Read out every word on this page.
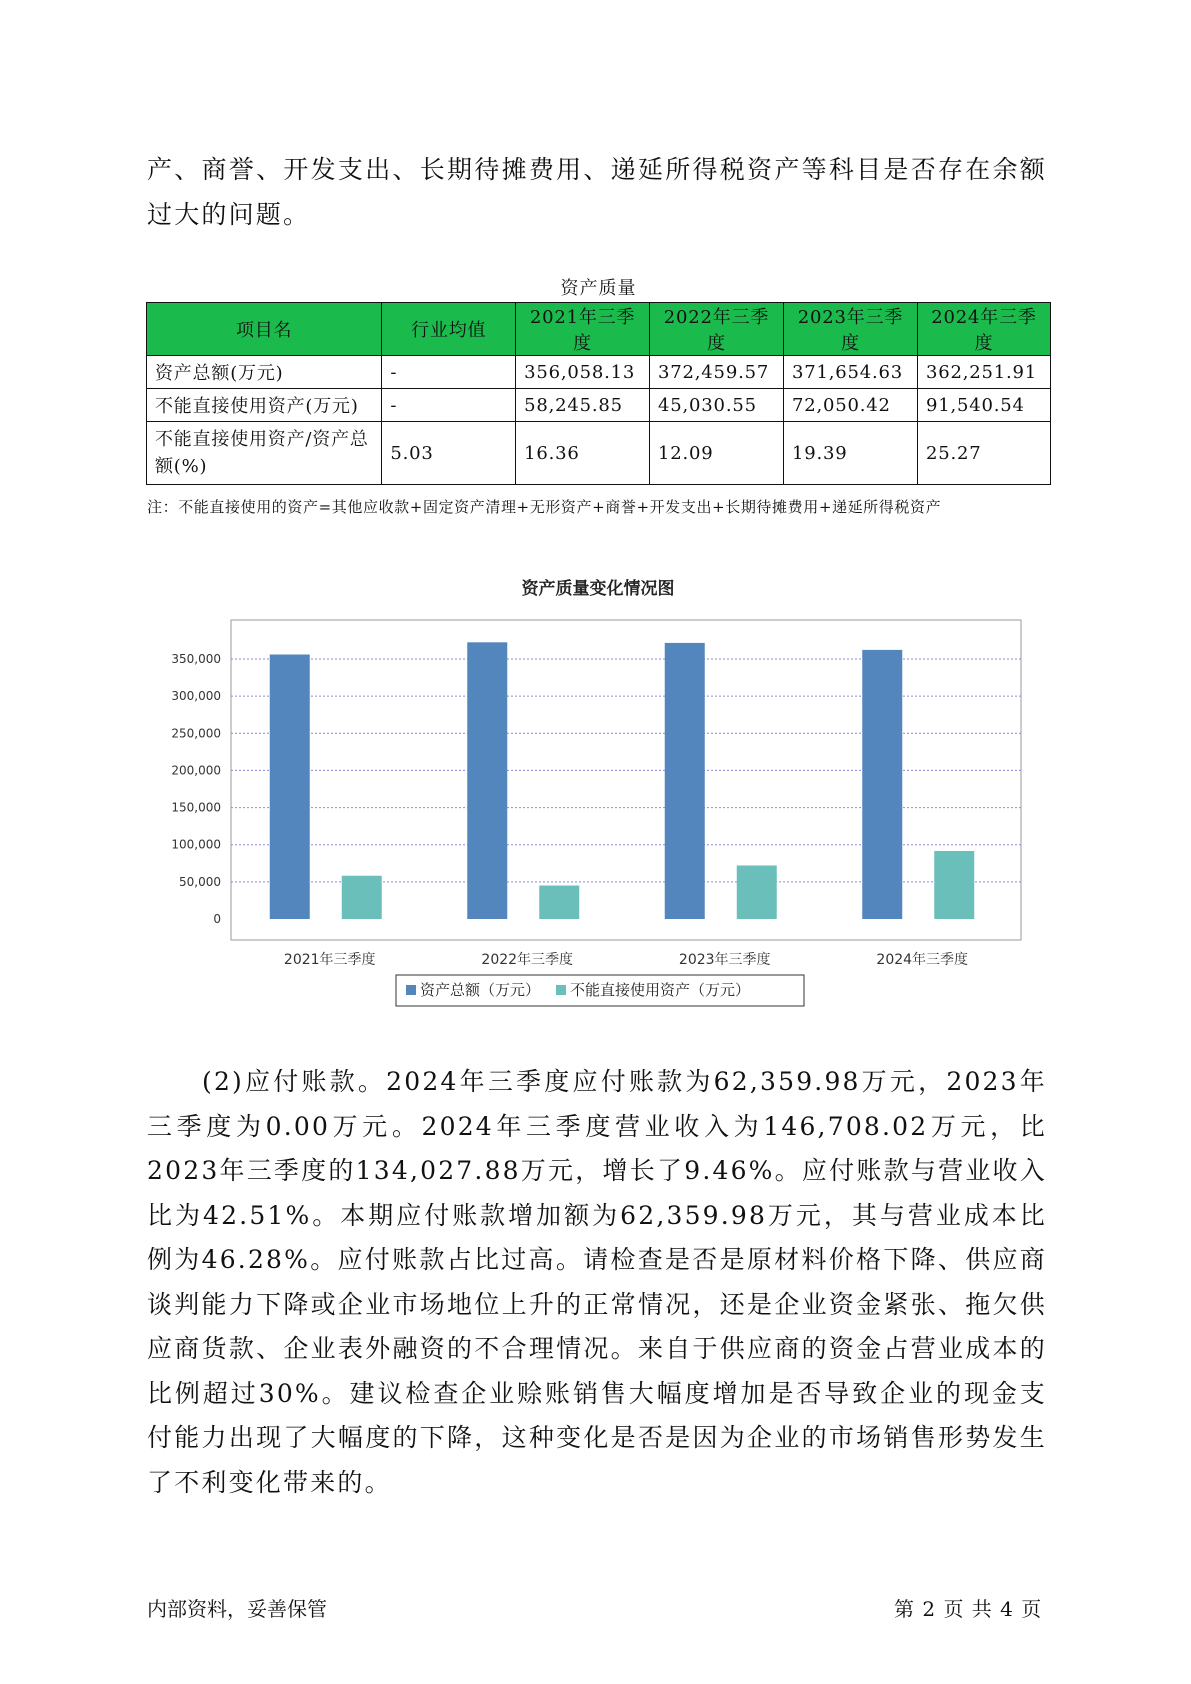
产、商誉、开发支出、长期待摊费用、递延所得税资产等科目是否存在余额过大的问题。

资产质量
项目名	行业均值	2021年三季度	2022年三季度	2023年三季度	2024年三季度
资产总额(万元)	-	356,058.13	372,459.57	371,654.63	362,251.91
不能直接使用资产(万元)	-	58,245.85	45,030.55	72,050.42	91,540.54
不能直接使用资产/资产总额(%)	5.03	16.36	12.09	19.39	25.27
注：不能直接使用的资产=其他应收款+固定资产清理+无形资产+商誉+开发支出+长期待摊费用+递延所得税资产
资产质量变化情况图
0
50,000
100,000
150,000
200,000
250,000
300,000
350,000
2021年三季度	2022年三季度	2023年三季度	2024年三季度
资产总额（万元） 不能直接使用资产（万元）

(2)应付账款。2024年三季度应付账款为62,359.98万元，2023年三季度为0.00万元。2024年三季度营业收入为146,708.02万元，比2023年三季度的134,027.88万元，增长了9.46%。应付账款与营业收入比为42.51%。本期应付账款增加额为62,359.98万元，其与营业成本比例为46.28%。应付账款占比过高。请检查是否是原材料价格下降、供应商谈判能力下降或企业市场地位上升的正常情况，还是企业资金紧张、拖欠供应商货款、企业表外融资的不合理情况。来自于供应商的资金占营业成本的比例超过30%。建议检查企业赊账销售大幅度增加是否导致企业的现金支付能力出现了大幅度的下降，这种变化是否是因为企业的市场销售形势发生了不利变化带来的。

内部资料，妥善保管	第 2 页 共 4 页
